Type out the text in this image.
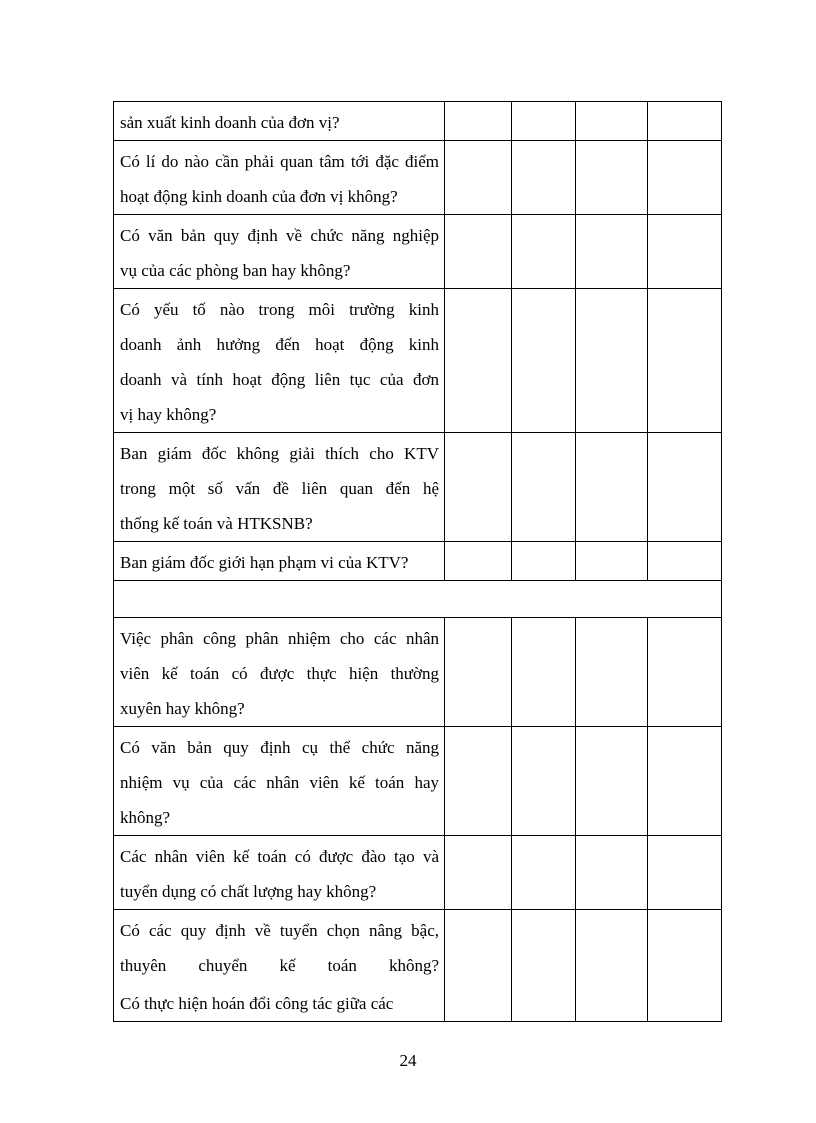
sản xuất kinh doanh của đơn vị?				

Có lí do nào cần phải quan tâm tới đặc điểm
hoạt động kinh doanh của đơn vị không?				

Có văn bản quy định về chức năng nghiệp
vụ của các phòng ban hay không?				

Có yếu tố nào trong môi trường kinh
doanh ảnh hưởng đến hoạt động kinh
doanh và tính hoạt động liên tục của đơn
vị hay không?				

Ban giám đốc không giải thích cho KTV
trong một số vấn đề liên quan đến hệ
thống kế toán và HTKSNB?				

Ban giám đốc giới hạn phạm vi của KTV?				

Việc phân công phân nhiệm cho các nhân
viên kế toán có được thực hiện thường
xuyên hay không?				

Có văn bản quy định cụ thể chức năng
nhiệm vụ của các nhân viên kế toán hay
không?				

Các nhân viên kế toán có được đào tạo và
tuyển dụng có chất lượng hay không?				

Có các quy định về tuyển chọn nâng bậc,
thuyên chuyển kế toán không?
Có thực hiện hoán đổi công tác giữa các				

24
